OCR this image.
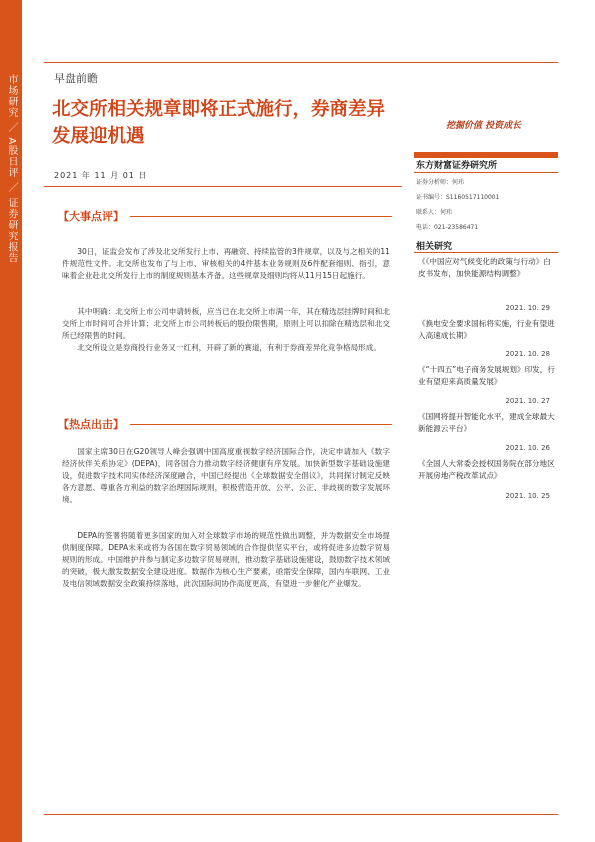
市场研究 ／ A股日评 ／ 证券研究报告	早盘前瞻
北交所相关规章即将正式施行，券商差异发展迎机遇	挖掘价值 投资成长
2021 年 11 月 01 日
【大事点评】

30日，证监会发布了涉及北交所发行上市、再融资、持续监管的3件规章，以及与之相关的11件规范性文件。北交所也发布了与上市、审核相关的4件基本业务规则及6件配套细则、指引，意味着企业赴北交所发行上市的制度规则基本齐备。这些规章及细则均将从11月15日起施行。

其中明确：北交所上市公司申请转板，应当已在北交所上市满一年，其在精选层挂牌时间和北交所上市时间可合并计算；北交所上市公司转板后的股份限售期，原则上可以扣除在精选层和北交所已经限售的时间。

北交所设立是券商投行业务又一红利，开辟了新的赛道，有利于券商差异化竞争格局形成。

【热点出击】

国家主席30日在G20领导人峰会强调中国高度重视数字经济国际合作，决定申请加入《数字经济伙伴关系协定》(DEPA)，同各国合力推动数字经济健康有序发展。加快新型数字基础设施建设，促进数字技术同实体经济深度融合，中国已经提出《全球数据安全倡议》，共同探讨制定反映各方意愿、尊重各方利益的数字治理国际规则，积极营造开放、公平、公正、非歧视的数字发展环境。

DEPA的签署将随着更多国家的加入对全球数字市场的规范性做出调整，并为数据安全市场提供制度保障。DEPA未来或将为各国在数字贸易领域的合作提供坚实平台，或将促进多边数字贸易规则的形成。中国维护并参与制定多边数字贸易规则，推动数字基础设施建设，鼓励数字技术领域的突破，极大激发数据安全建设进度。数据作为核心生产要素，亟需安全保障，国内车联网、工业及电信领域数据安全政策持续落地，此次国际间协作高度更高，有望进一步催化产业爆发。

东方财富证券研究所
证券分析师：何玮
证书编号：S1160517110001
联系人：何玮
电话：021-23586471
相关研究
《《中国应对气候变化的政策与行动》白皮书发布，加快能源结构调整》
2021. 10. 29
《换电安全要求国标将实施，行业有望进入高速成长期》
2021. 10. 28
《“十四五”电子商务发展规划》印发，行业有望迎来高质量发展》
2021. 10. 27
《国网将提升智能化水平，建成全球最大新能源云平台》
2021. 10. 26
《全国人大常委会授权国务院在部分地区开展房地产税改革试点》
2021. 10. 25
